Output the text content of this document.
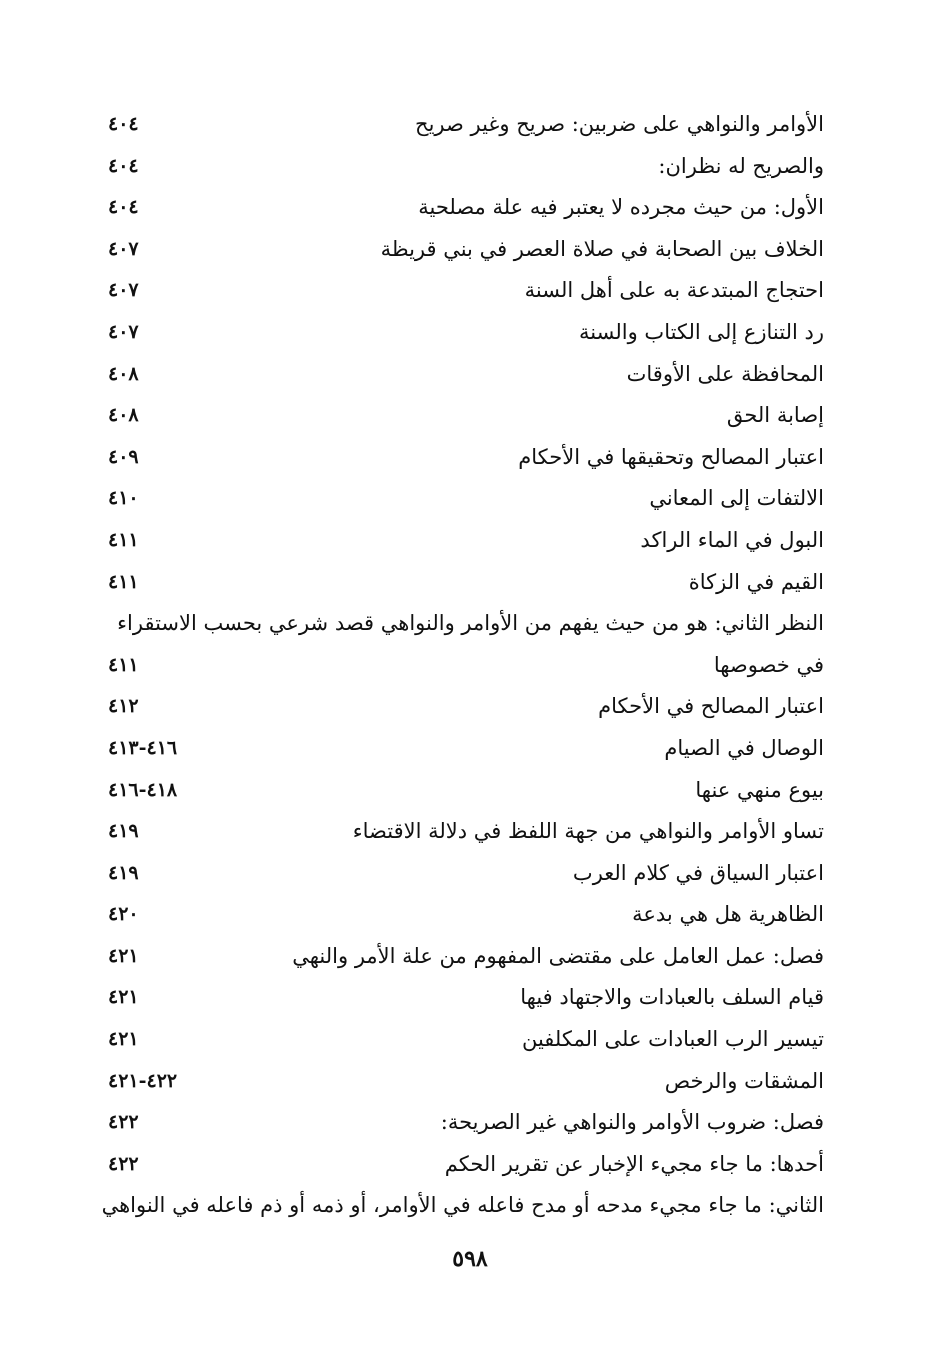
الأوامر والنواهي على ضربين: صريح وغير صريح
٤٠٤
والصريح له نظران:
٤٠٤
الأول: من حيث مجرده لا يعتبر فيه علة مصلحية
٤٠٤
الخلاف بين الصحابة في صلاة العصر في بني قريظة
٤٠٧
احتجاج المبتدعة به على أهل السنة
٤٠٧
رد التنازع إلى الكتاب والسنة
٤٠٧
المحافظة على الأوقات
٤٠٨
إصابة الحق
٤٠٨
اعتبار المصالح وتحقيقها في الأحكام
٤٠٩
الالتفات إلى المعاني
٤١٠
البول في الماء الراكد
٤١١
القيم في الزكاة
٤١١
النظر الثاني: هو من حيث يفهم من الأوامر والنواهي قصد شرعي بحسب الاستقراء
في خصوصها
٤١١
اعتبار المصالح في الأحكام
٤١٢
الوصال في الصيام
٤١٣-٤١٦
بيوع منهي عنها
٤١٦-٤١٨
تساو الأوامر والنواهي من جهة اللفظ في دلالة الاقتضاء
٤١٩
اعتبار السياق في كلام العرب
٤١٩
الظاهرية هل هي بدعة
٤٢٠
فصل: عمل العامل على مقتضى المفهوم من علة الأمر والنهي
٤٢١
قيام السلف بالعبادات والاجتهاد فيها
٤٢١
تيسير الرب العبادات على المكلفين
٤٢١
المشقات والرخص
٤٢١-٤٢٢
فصل: ضروب الأوامر والنواهي غير الصريحة:
٤٢٢
أحدها: ما جاء مجيء الإخبار عن تقرير الحكم
٤٢٢
الثاني: ما جاء مجيء مدحه أو مدح فاعله في الأوامر، أو ذمه أو ذم فاعله في النواهي
٥٩٨
